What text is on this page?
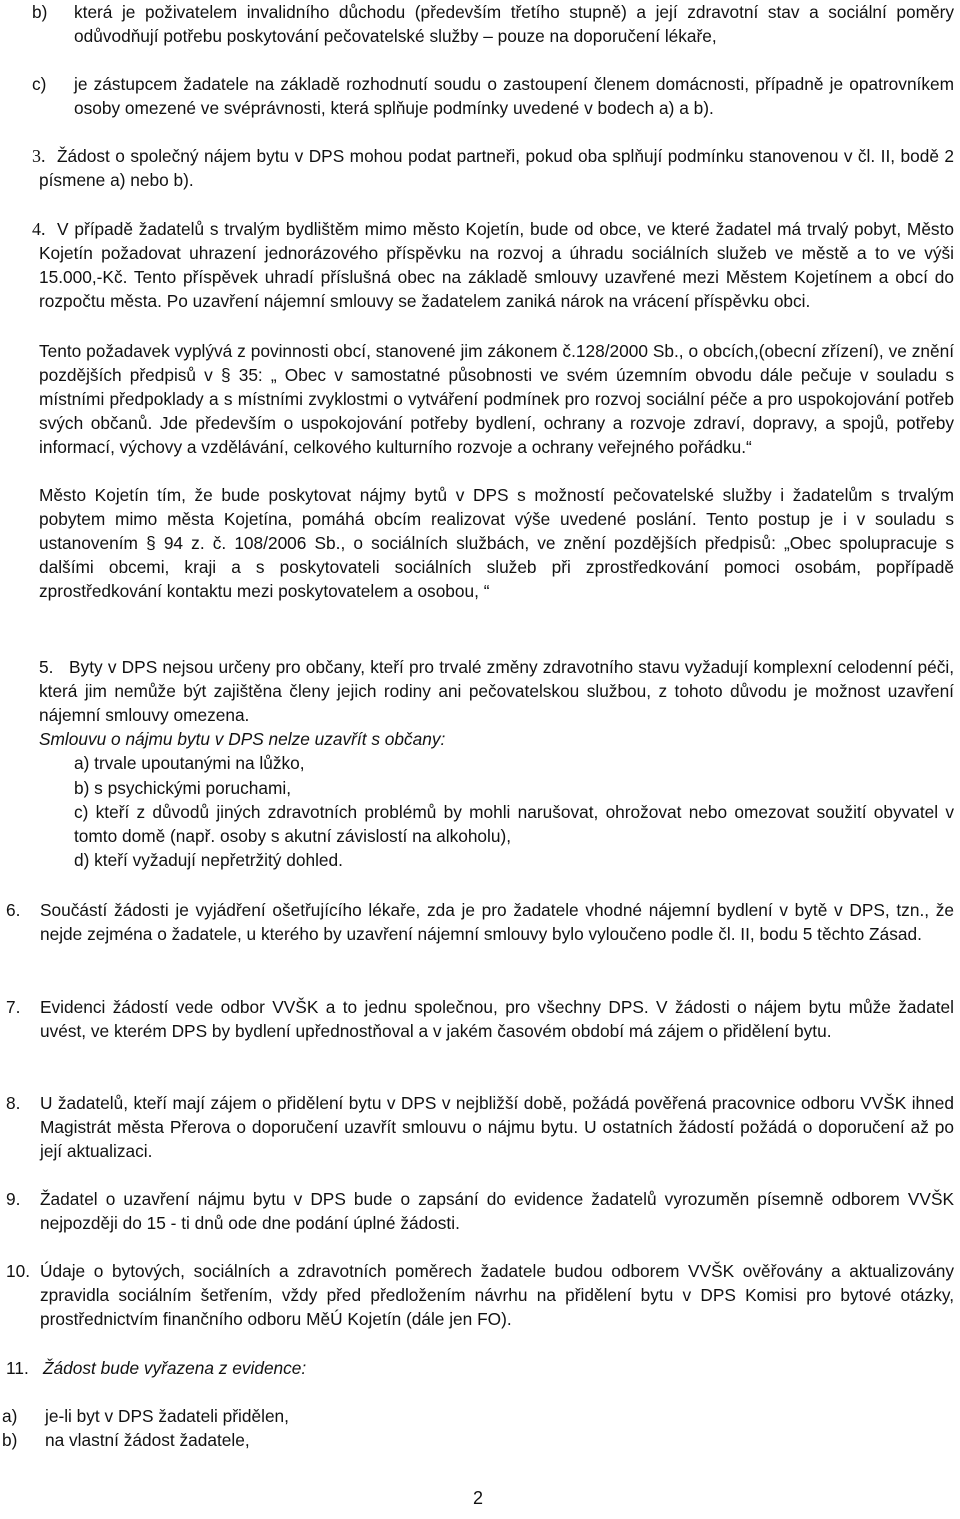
b) která je poživatelem invalidního důchodu (především třetího stupně) a její zdravotní stav a sociální poměry odůvodňují potřebu poskytování pečovatelské služby – pouze na doporučení lékaře,

c) je zástupcem žadatele na základě rozhodnutí soudu o zastoupení členem domácnosti, případně je opatrovníkem osoby omezené ve svéprávnosti, která splňuje podmínky uvedené v bodech a) a b).

3. Žádost o společný nájem bytu v DPS mohou podat partneři, pokud oba splňují podmínku stanovenou v čl. II, bodě 2 písmene a) nebo b).

4. V případě žadatelů s trvalým bydlištěm mimo město Kojetín, bude od obce, ve které žadatel má trvalý pobyt, Město Kojetín požadovat uhrazení jednorázového příspěvku na rozvoj a úhradu sociálních služeb ve městě a to ve výši 15.000,-Kč. Tento příspěvek uhradí příslušná obec na základě smlouvy uzavřené mezi Městem Kojetínem a obcí do rozpočtu města. Po uzavření nájemní smlouvy se žadatelem zaniká nárok na vrácení příspěvku obci.

Tento požadavek vyplývá z povinnosti obcí, stanovené jim zákonem č.128/2000 Sb., o obcích,(obecní zřízení), ve znění pozdějších předpisů v § 35: „ Obec v samostatné působnosti ve svém územním obvodu dále pečuje v souladu s místními předpoklady a s místními zvyklostmi o vytváření podmínek pro rozvoj sociální péče a pro uspokojování potřeb svých občanů. Jde především o uspokojování potřeby bydlení, ochrany a rozvoje zdraví, dopravy, a spojů, potřeby informací, výchovy a vzdělávání, celkového kulturního rozvoje a ochrany veřejného pořádku.“

Město Kojetín tím, že bude poskytovat nájmy bytů v DPS s možností pečovatelské služby i žadatelům s trvalým pobytem mimo města Kojetína, pomáhá obcím realizovat výše uvedené poslání. Tento postup je i v souladu s ustanovením § 94 z. č. 108/2006 Sb., o sociálních službách, ve znění pozdějších předpisů: „Obec spolupracuje s dalšími obcemi, kraji a s poskytovateli sociálních služeb při zprostředkování pomoci osobám, popřípadě zprostředkování kontaktu mezi poskytovatelem a osobou, “

5. Byty v DPS nejsou určeny pro občany, kteří pro trvalé změny zdravotního stavu vyžadují komplexní celodenní péči, která jim nemůže být zajištěna členy jejich rodiny ani pečovatelskou službou, z tohoto důvodu je možnost uzavření nájemní smlouvy omezena.

Smlouvu o nájmu bytu v DPS nelze uzavřít s občany:

a) trvale upoutanými na lůžko,

b) s psychickými poruchami,

c) kteří z důvodů jiných zdravotních problémů by mohli narušovat, ohrožovat nebo omezovat soužití obyvatel v tomto domě (např. osoby s akutní závislostí na alkoholu),

d) kteří vyžadují nepřetržitý dohled.

6. Součástí žádosti je vyjádření ošetřujícího lékaře, zda je pro žadatele vhodné nájemní bydlení v bytě v DPS, tzn., že nejde zejména o žadatele, u kterého by uzavření nájemní smlouvy bylo vyloučeno podle čl. II, bodu 5 těchto Zásad.

7. Evidenci žádostí vede odbor VVŠK a to jednu společnou, pro všechny DPS. V žádosti o nájem bytu může žadatel uvést, ve kterém DPS by bydlení upřednostňoval a v jakém časovém období má zájem o přidělení bytu.

8. U žadatelů, kteří mají zájem o přidělení bytu v DPS v nejbližší době, požádá pověřená pracovnice odboru VVŠK ihned Magistrát města Přerova o doporučení uzavřít smlouvu o nájmu bytu. U ostatních žádostí požádá o doporučení až po její aktualizaci.

9. Žadatel o uzavření nájmu bytu v DPS bude o zapsání do evidence žadatelů vyrozuměn písemně odborem VVŠK nejpozději do 15 - ti dnů ode dne podání úplné žádosti.

10. Údaje o bytových, sociálních a zdravotních poměrech žadatele budou odborem VVŠK ověřovány a aktualizovány zpravidla sociálním šetřením, vždy před předložením návrhu na přidělení bytu v DPS Komisi pro bytové otázky, prostřednictvím finančního odboru MěÚ Kojetín (dále jen FO).

11. Žádost bude vyřazena z evidence:

a) je-li byt v DPS žadateli přidělen,

b) na vlastní žádost žadatele,

2
